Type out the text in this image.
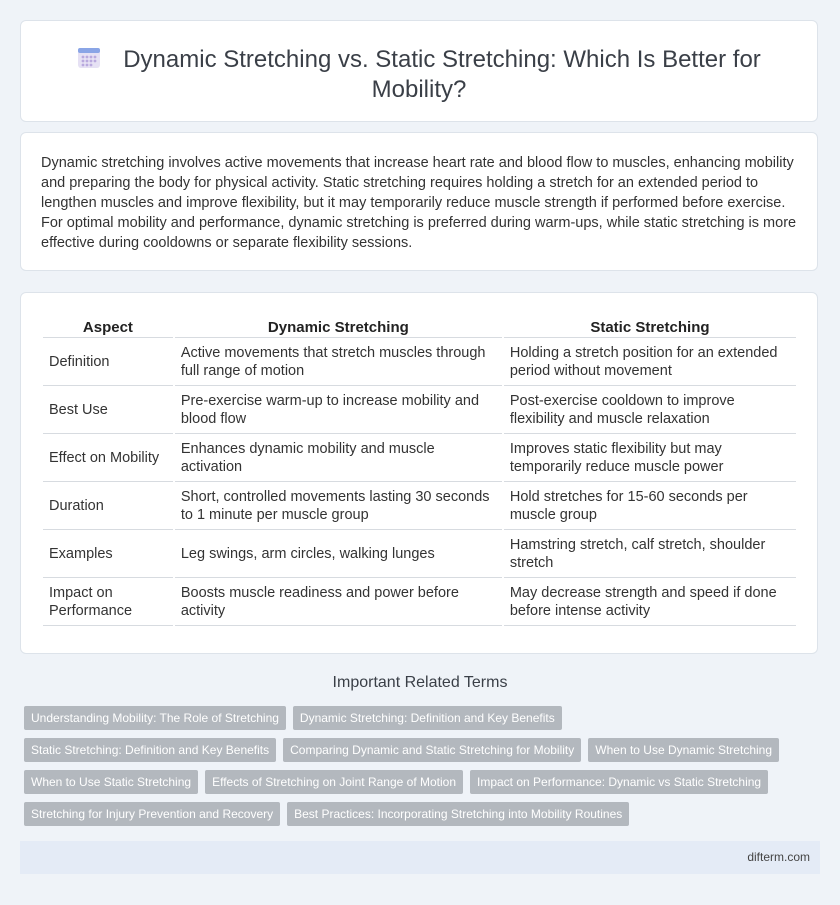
Dynamic Stretching vs. Static Stretching: Which Is Better for Mobility?

Dynamic stretching involves active movements that increase heart rate and blood flow to muscles, enhancing mobility and preparing the body for physical activity. Static stretching requires holding a stretch for an extended period to lengthen muscles and improve flexibility, but it may temporarily reduce muscle strength if performed before exercise. For optimal mobility and performance, dynamic stretching is preferred during warm-ups, while static stretching is more effective during cooldowns or separate flexibility sessions.

Aspect	Dynamic Stretching	Static Stretching
Definition	Active movements that stretch muscles through full range of motion	Holding a stretch position for an extended period without movement
Best Use	Pre-exercise warm-up to increase mobility and blood flow	Post-exercise cooldown to improve flexibility and muscle relaxation
Effect on Mobility	Enhances dynamic mobility and muscle activation	Improves static flexibility but may temporarily reduce muscle power
Duration	Short, controlled movements lasting 30 seconds to 1 minute per muscle group	Hold stretches for 15-60 seconds per muscle group
Examples	Leg swings, arm circles, walking lunges	Hamstring stretch, calf stretch, shoulder stretch
Impact on Performance	Boosts muscle readiness and power before activity	May decrease strength and speed if done before intense activity
Important Related Terms
Understanding Mobility: The Role of Stretching	Dynamic Stretching: Definition and Key Benefits
Static Stretching: Definition and Key Benefits	Comparing Dynamic and Static Stretching for Mobility	When to Use Dynamic Stretching
When to Use Static Stretching	Effects of Stretching on Joint Range of Motion	Impact on Performance: Dynamic vs Static Stretching
Stretching for Injury Prevention and Recovery	Best Practices: Incorporating Stretching into Mobility Routines
difterm.com
